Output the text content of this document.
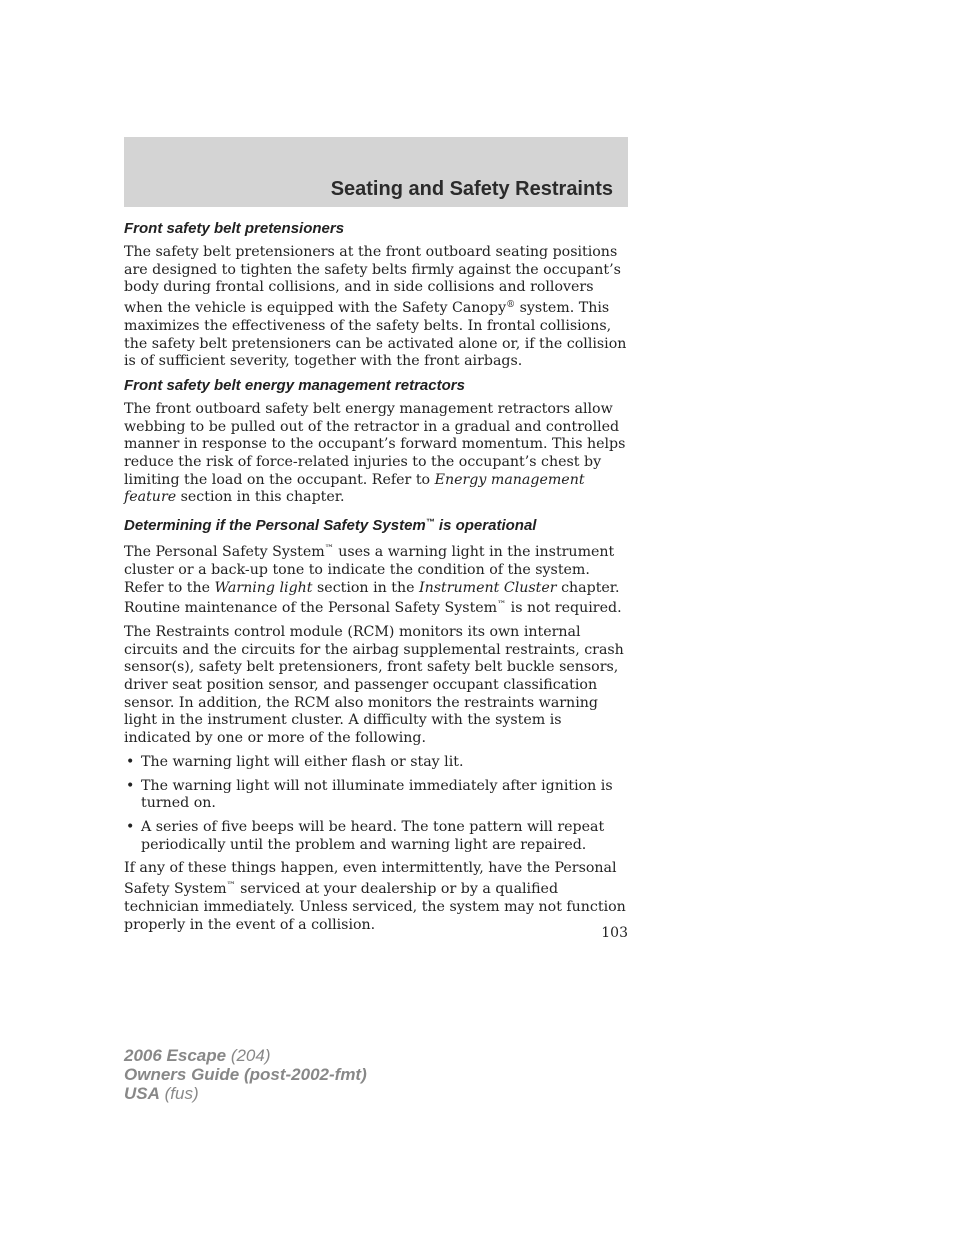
Seating and Safety Restraints
Front safety belt pretensioners

The safety belt pretensioners at the front outboard seating positions are designed to tighten the safety belts firmly against the occupant’s body during frontal collisions, and in side collisions and rollovers when the vehicle is equipped with the Safety Canopy® system. This maximizes the effectiveness of the safety belts. In frontal collisions, the safety belt pretensioners can be activated alone or, if the collision is of sufficient severity, together with the front airbags.

Front safety belt energy management retractors

The front outboard safety belt energy management retractors allow webbing to be pulled out of the retractor in a gradual and controlled manner in response to the occupant’s forward momentum. This helps reduce the risk of force-related injuries to the occupant’s chest by limiting the load on the occupant. Refer to Energy management feature section in this chapter.

Determining if the Personal Safety System™ is operational

The Personal Safety System™ uses a warning light in the instrument cluster or a back-up tone to indicate the condition of the system. Refer to the Warning light section in the Instrument Cluster chapter. Routine maintenance of the Personal Safety System™ is not required.

The Restraints control module (RCM) monitors its own internal circuits and the circuits for the airbag supplemental restraints, crash sensor(s), safety belt pretensioners, front safety belt buckle sensors, driver seat position sensor, and passenger occupant classification sensor. In addition, the RCM also monitors the restraints warning light in the instrument cluster. A difficulty with the system is indicated by one or more of the following.

• The warning light will either flash or stay lit.
• The warning light will not illuminate immediately after ignition is turned on.
• A series of five beeps will be heard. The tone pattern will repeat periodically until the problem and warning light are repaired.

If any of these things happen, even intermittently, have the Personal Safety System™ serviced at your dealership or by a qualified technician immediately. Unless serviced, the system may not function properly in the event of a collision.

103
2006 Escape (204)
Owners Guide (post-2002-fmt)
USA (fus)
